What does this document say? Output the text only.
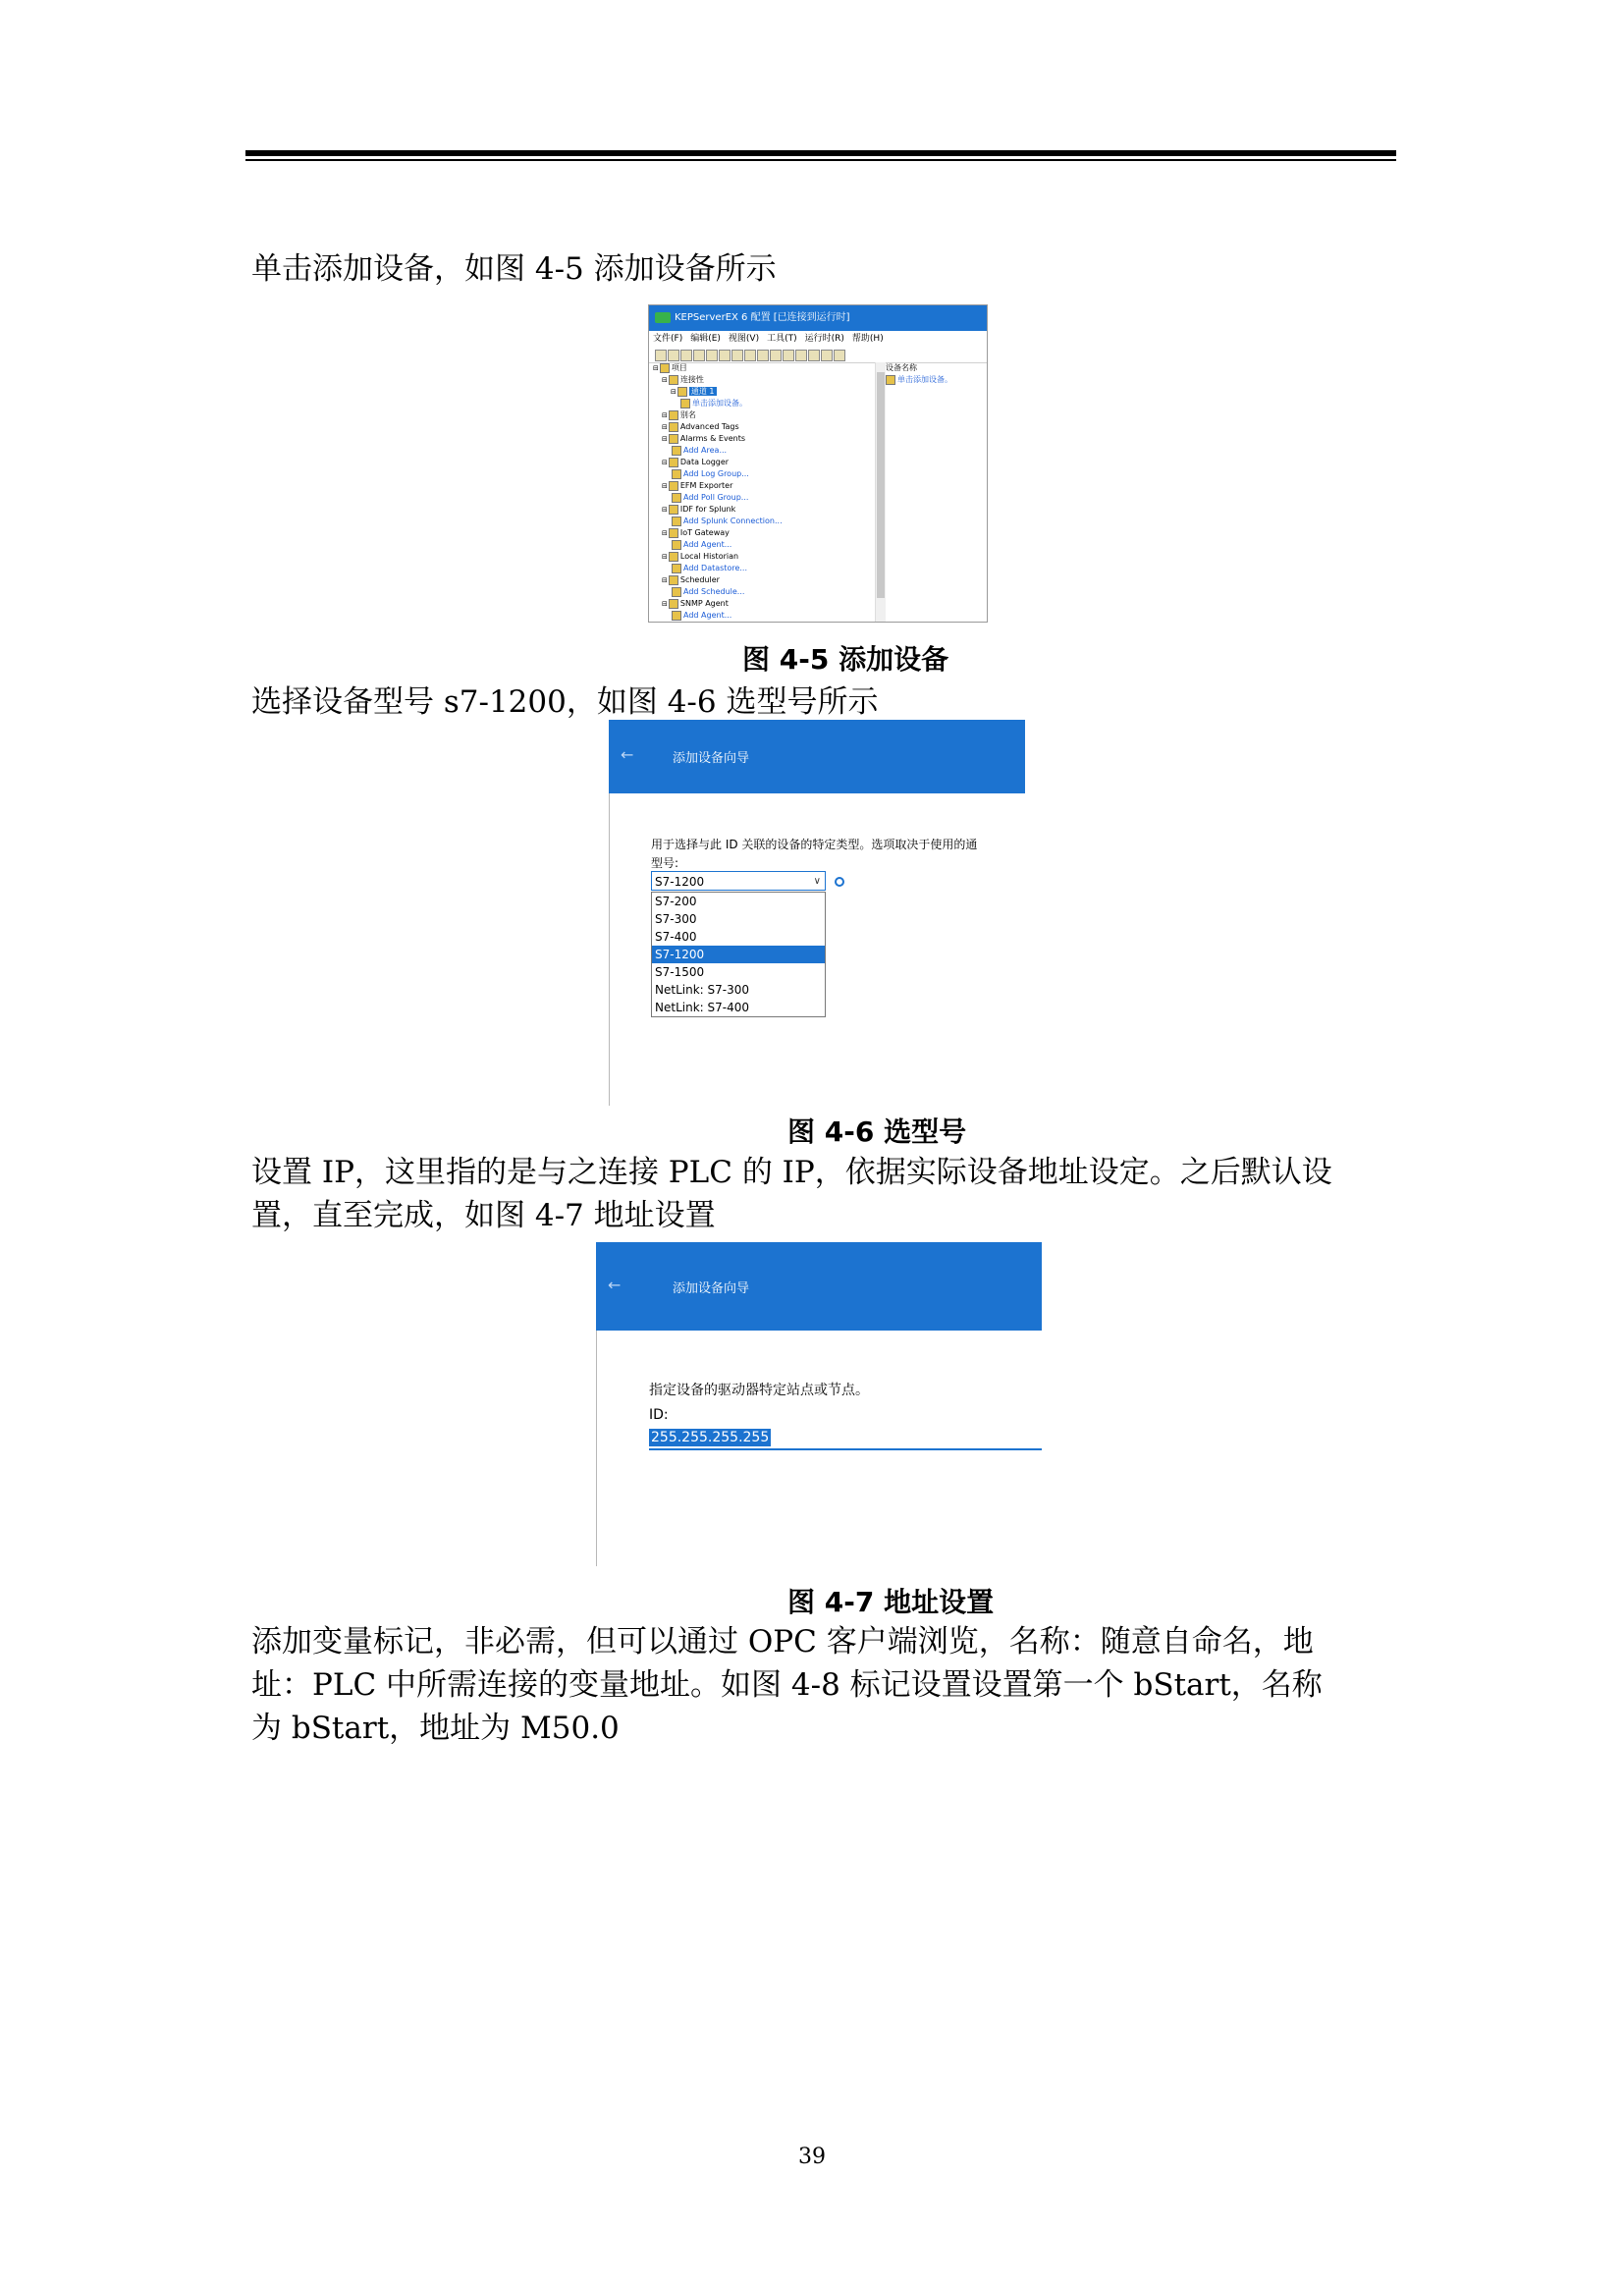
单击添加设备，如图 4-5 添加设备所示
KEPServerEX 6 配置 [已连接到运行时]
文件(F) 编辑(E) 视图(V) 工具(T) 运行时(R) 帮助(H)
⊟ 项目
⊟ 连接性
⊟ 通道 1
单击添加设备。
⊟ 别名
⊟ Advanced Tags
⊟ Alarms & Events
Add Area...
⊟ Data Logger
Add Log Group...
⊟ EFM Exporter
Add Poll Group...
⊟ IDF for Splunk
Add Splunk Connection...
⊟ IoT Gateway
Add Agent...
⊟ Local Historian
Add Datastore...
⊟ Scheduler
Add Schedule...
⊟ SNMP Agent
Add Agent...
设备名称
单击添加设备。
图 4-5 添加设备
选择设备型号 s7-1200，如图 4-6 选型号所示
←	添加设备向导
用于选择与此 ID 关联的设备的特定类型。选项取决于使用的通
型号:
S7-1200	∨
S7-200
S7-300
S7-400
S7-1200
S7-1500
NetLink: S7-300
NetLink: S7-400
图 4-6 选型号
设置 IP，这里指的是与之连接 PLC 的 IP，依据实际设备地址设定。之后默认设
置，直至完成，如图 4-7 地址设置
←	添加设备向导
指定设备的驱动器特定站点或节点。
ID:
255.255.255.255
图 4-7 地址设置
添加变量标记，非必需，但可以通过 OPC 客户端浏览，名称：随意自命名，地
址：PLC 中所需连接的变量地址。如图 4-8 标记设置设置第一个 bStart，名称
为 bStart，地址为 M50.0
39
